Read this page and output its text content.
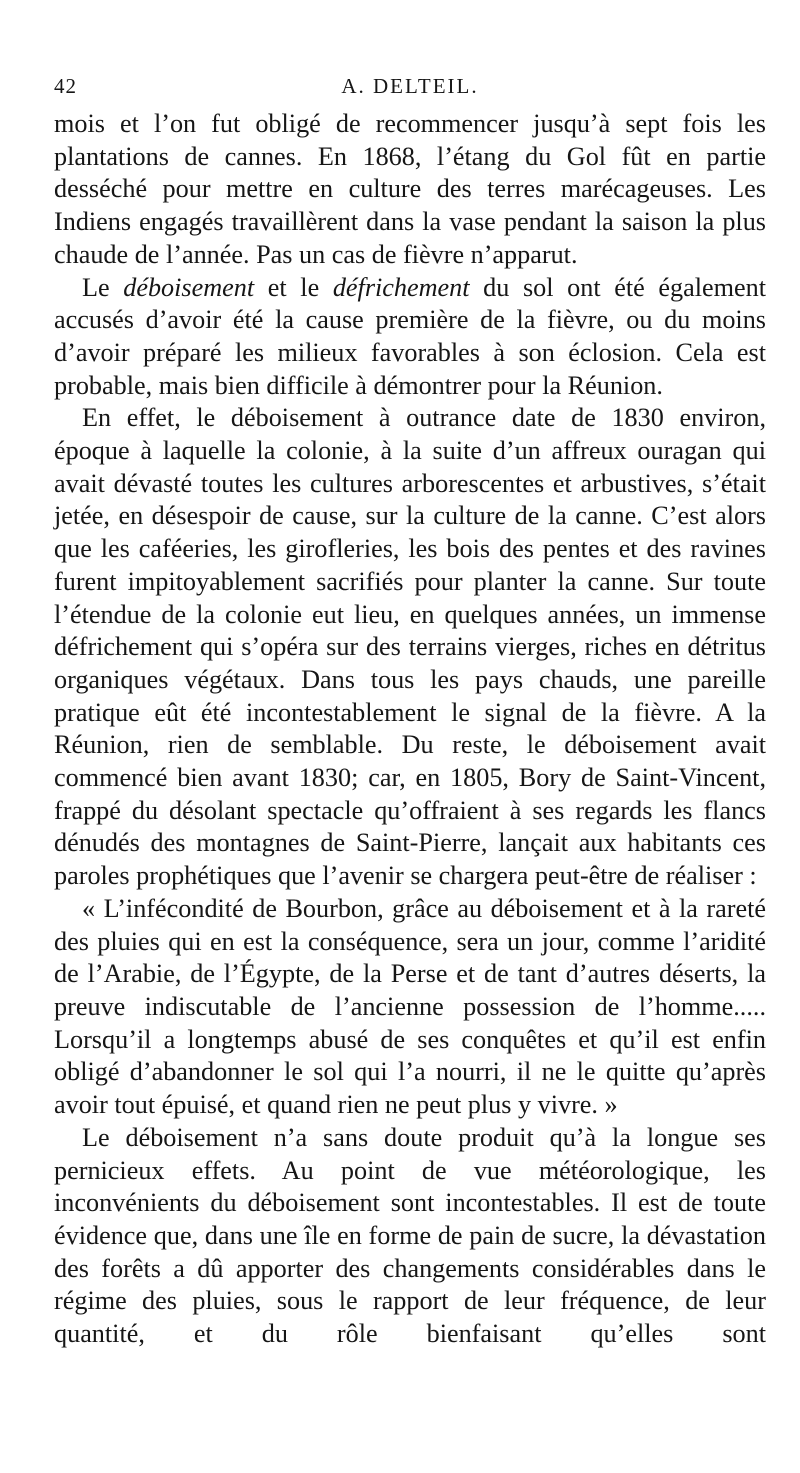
42	A. DELTEIL.

mois et l’on fut obligé de recommencer jusqu’à sept fois les plantations de cannes. En 1868, l’étang du Gol fût en partie desséché pour mettre en culture des terres marécageuses. Les Indiens engagés travaillèrent dans la vase pendant la saison la plus chaude de l’année. Pas un cas de fièvre n’apparut.

Le déboisement et le défrichement du sol ont été également accusés d’avoir été la cause première de la fièvre, ou du moins d’avoir préparé les milieux favorables à son éclosion. Cela est probable, mais bien difficile à démontrer pour la Réunion.

En effet, le déboisement à outrance date de 1830 environ, époque à laquelle la colonie, à la suite d’un affreux ouragan qui avait dévasté toutes les cultures arborescentes et arbustives, s’était jetée, en désespoir de cause, sur la culture de la canne. C’est alors que les caféeries, les girofleries, les bois des pentes et des ravines furent impitoyablement sacrifiés pour planter la canne. Sur toute l’étendue de la colonie eut lieu, en quelques années, un immense défrichement qui s’opéra sur des terrains vierges, riches en détritus organiques végétaux. Dans tous les pays chauds, une pareille pratique eût été incontestablement le signal de la fièvre. A la Réunion, rien de semblable. Du reste, le déboisement avait commencé bien avant 1830; car, en 1805, Bory de Saint-Vincent, frappé du désolant spectacle qu’offraient à ses regards les flancs dénudés des montagnes de Saint-Pierre, lançait aux habitants ces paroles prophétiques que l’avenir se chargera peut-être de réaliser :

« L’infécondité de Bourbon, grâce au déboisement et à la rareté des pluies qui en est la conséquence, sera un jour, comme l’aridité de l’Arabie, de l’Égypte, de la Perse et de tant d’autres déserts, la preuve indiscutable de l’ancienne possession de l’homme..... Lorsqu’il a longtemps abusé de ses conquêtes et qu’il est enfin obligé d’abandonner le sol qui l’a nourri, il ne le quitte qu’après avoir tout épuisé, et quand rien ne peut plus y vivre. »

Le déboisement n’a sans doute produit qu’à la longue ses pernicieux effets. Au point de vue météorologique, les inconvénients du déboisement sont incontestables. Il est de toute évidence que, dans une île en forme de pain de sucre, la dévastation des forêts a dû apporter des changements considérables dans le régime des pluies, sous le rapport de leur fréquence, de leur quantité, et du rôle bienfaisant qu’elles sont
